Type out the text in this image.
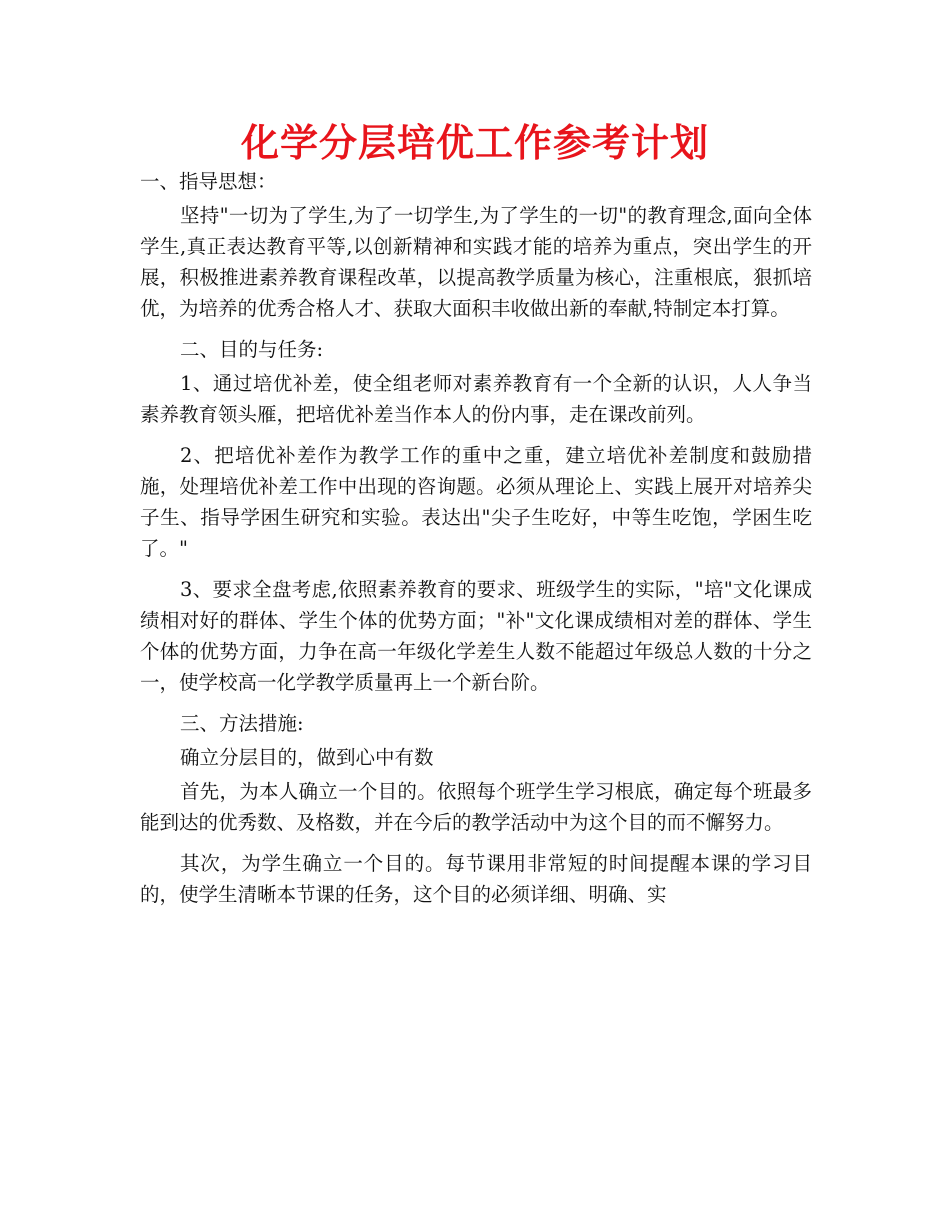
化学分层培优工作参考计划

一、指导思想：

坚持"一切为了学生,为了一切学生,为了学生的一切"的教育理念,面向全体学生,真正表达教育平等,以创新精神和实践才能的培养为重点，突出学生的开展，积极推进素养教育课程改革，以提高教学质量为核心，注重根底，狠抓培优，为培养的优秀合格人才、获取大面积丰收做出新的奉献,特制定本打算。

二、目的与任务:

1、通过培优补差，使全组老师对素养教育有一个全新的认识，人人争当素养教育领头雁，把培优补差当作本人的份内事，走在课改前列。

2、把培优补差作为教学工作的重中之重，建立培优补差制度和鼓励措施，处理培优补差工作中出现的咨询题。必须从理论上、实践上展开对培养尖子生、指导学困生研究和实验。表达出"尖子生吃好，中等生吃饱，学困生吃了。"

3、要求全盘考虑,依照素养教育的要求、班级学生的实际，"培"文化课成绩相对好的群体、学生个体的优势方面；"补"文化课成绩相对差的群体、学生个体的优势方面，力争在高一年级化学差生人数不能超过年级总人数的十分之一，使学校高一化学教学质量再上一个新台阶。

三、方法措施:

确立分层目的，做到心中有数

首先，为本人确立一个目的。依照每个班学生学习根底，确定每个班最多能到达的优秀数、及格数，并在今后的教学活动中为这个目的而不懈努力。

其次，为学生确立一个目的。每节课用非常短的时间提醒本课的学习目的，使学生清晰本节课的任务，这个目的必须详细、明确、实
